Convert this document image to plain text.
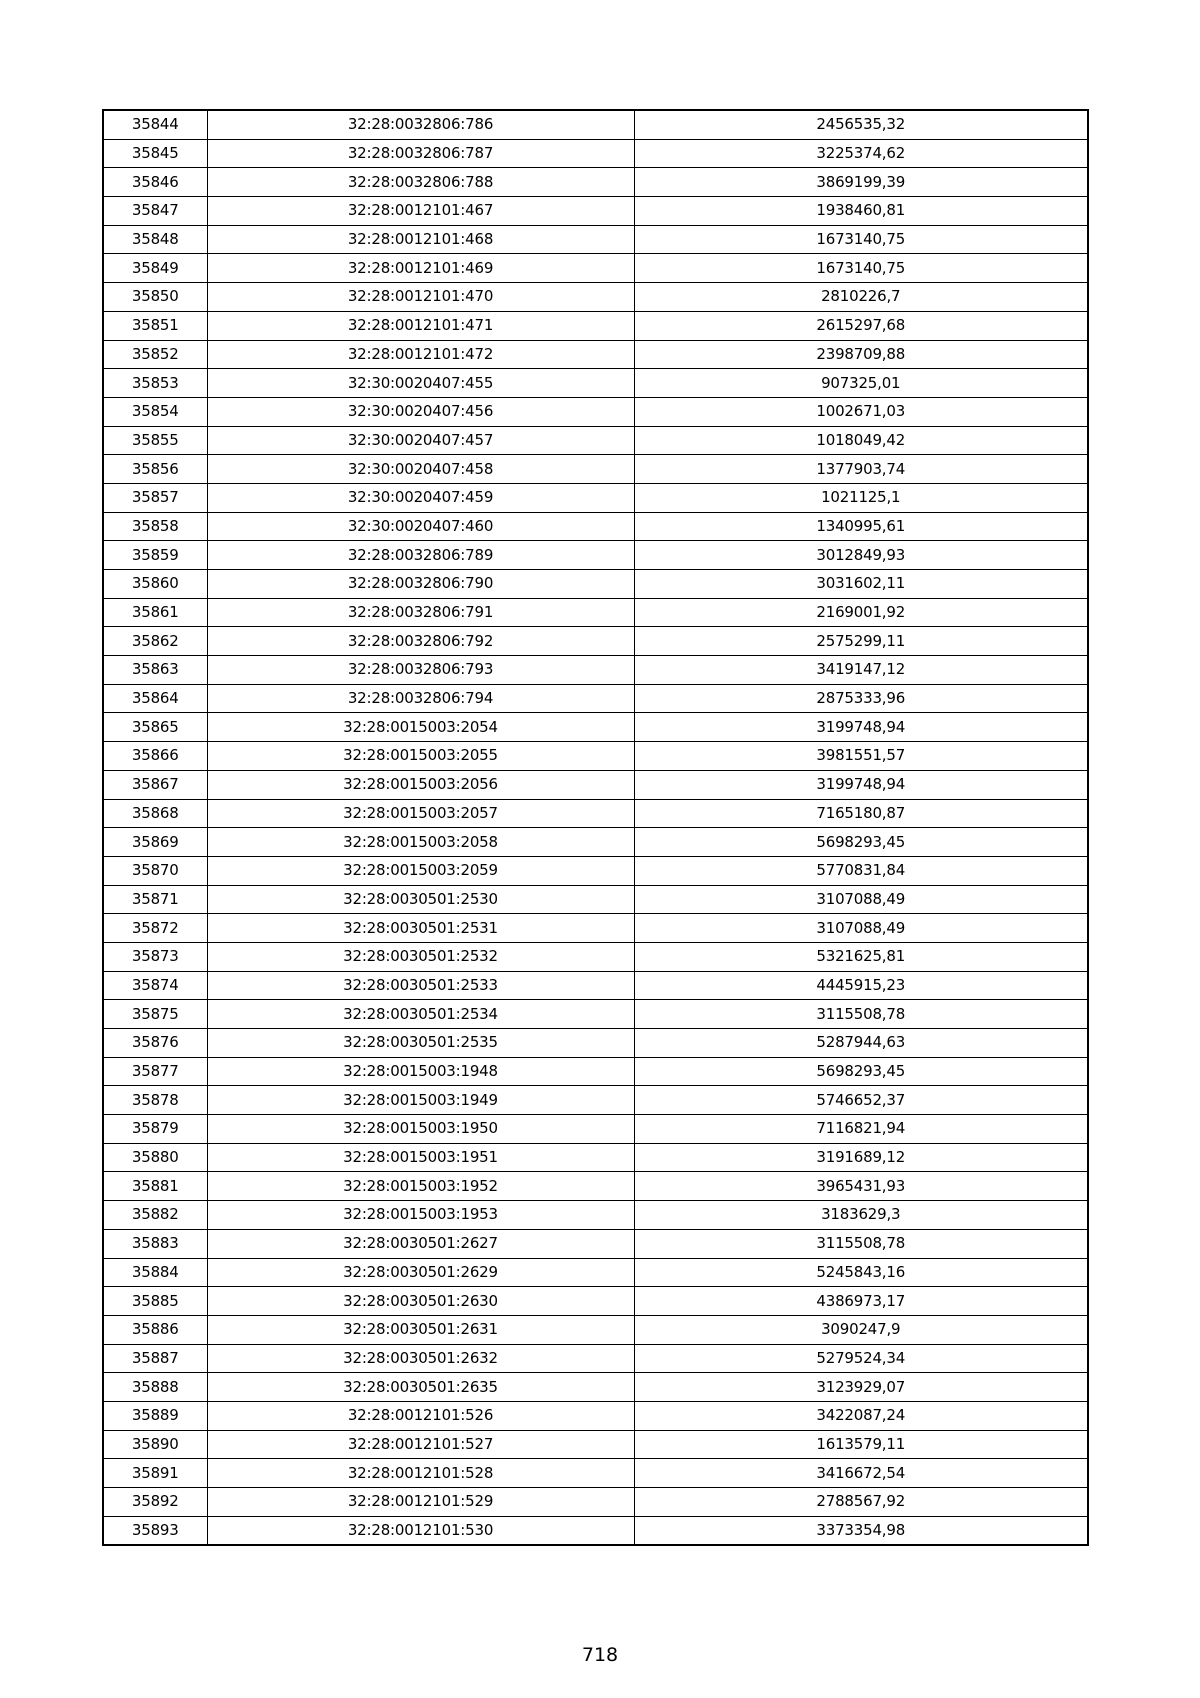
35844	32:28:0032806:786	2456535,32
35845	32:28:0032806:787	3225374,62
35846	32:28:0032806:788	3869199,39
35847	32:28:0012101:467	1938460,81
35848	32:28:0012101:468	1673140,75
35849	32:28:0012101:469	1673140,75
35850	32:28:0012101:470	2810226,7
35851	32:28:0012101:471	2615297,68
35852	32:28:0012101:472	2398709,88
35853	32:30:0020407:455	907325,01
35854	32:30:0020407:456	1002671,03
35855	32:30:0020407:457	1018049,42
35856	32:30:0020407:458	1377903,74
35857	32:30:0020407:459	1021125,1
35858	32:30:0020407:460	1340995,61
35859	32:28:0032806:789	3012849,93
35860	32:28:0032806:790	3031602,11
35861	32:28:0032806:791	2169001,92
35862	32:28:0032806:792	2575299,11
35863	32:28:0032806:793	3419147,12
35864	32:28:0032806:794	2875333,96
35865	32:28:0015003:2054	3199748,94
35866	32:28:0015003:2055	3981551,57
35867	32:28:0015003:2056	3199748,94
35868	32:28:0015003:2057	7165180,87
35869	32:28:0015003:2058	5698293,45
35870	32:28:0015003:2059	5770831,84
35871	32:28:0030501:2530	3107088,49
35872	32:28:0030501:2531	3107088,49
35873	32:28:0030501:2532	5321625,81
35874	32:28:0030501:2533	4445915,23
35875	32:28:0030501:2534	3115508,78
35876	32:28:0030501:2535	5287944,63
35877	32:28:0015003:1948	5698293,45
35878	32:28:0015003:1949	5746652,37
35879	32:28:0015003:1950	7116821,94
35880	32:28:0015003:1951	3191689,12
35881	32:28:0015003:1952	3965431,93
35882	32:28:0015003:1953	3183629,3
35883	32:28:0030501:2627	3115508,78
35884	32:28:0030501:2629	5245843,16
35885	32:28:0030501:2630	4386973,17
35886	32:28:0030501:2631	3090247,9
35887	32:28:0030501:2632	5279524,34
35888	32:28:0030501:2635	3123929,07
35889	32:28:0012101:526	3422087,24
35890	32:28:0012101:527	1613579,11
35891	32:28:0012101:528	3416672,54
35892	32:28:0012101:529	2788567,92
35893	32:28:0012101:530	3373354,98
718
